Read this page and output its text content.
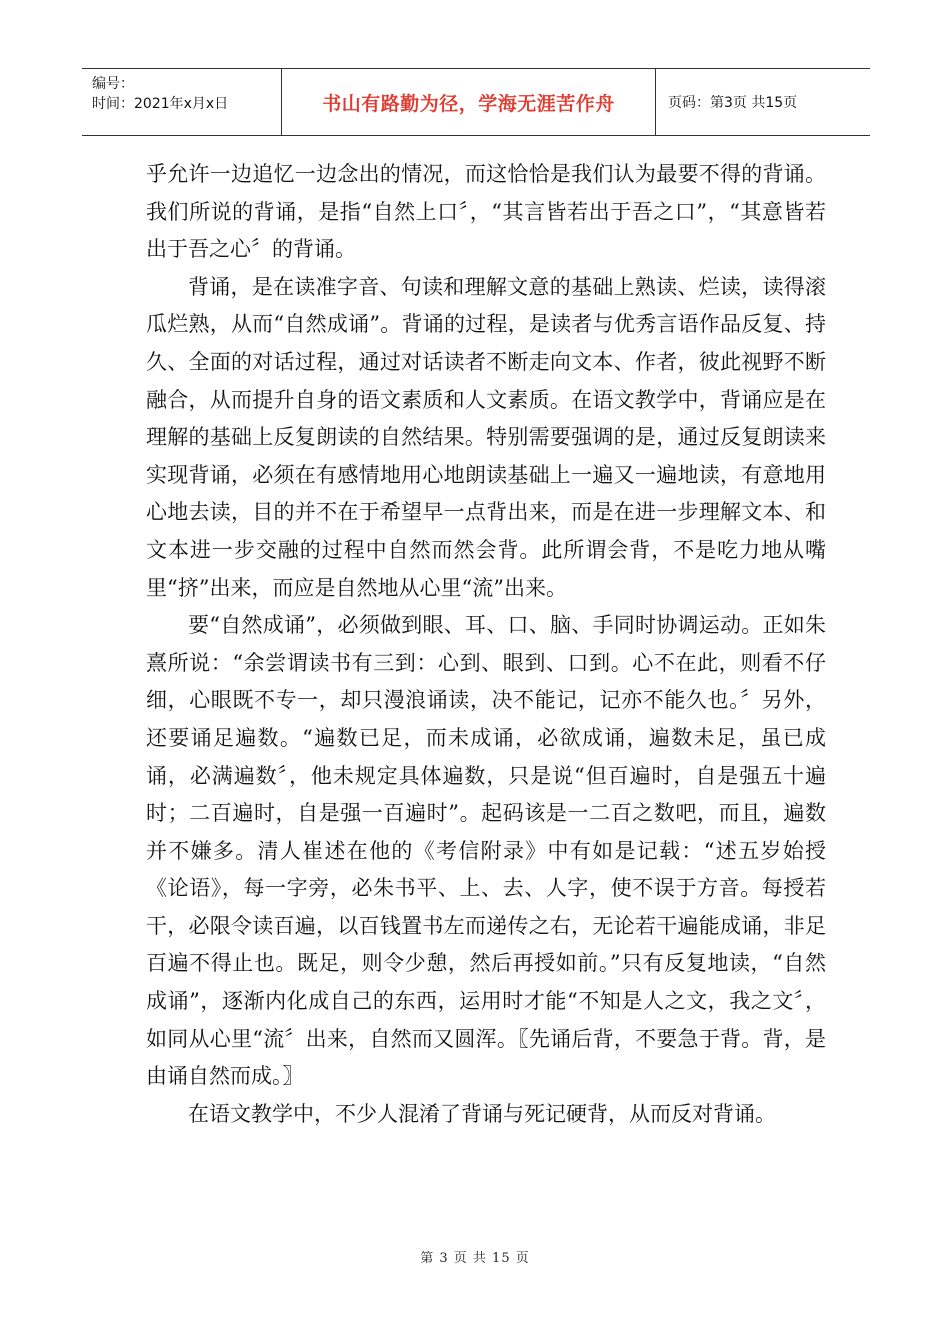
编号：
时间：2021年x月x日	书山有路勤为径，学海无涯苦作舟	页码：第3页 共15页

乎允许一边追忆一边念出的情况，而这恰恰是我们认为最要不得的背诵。我们所说的背诵，是指“自然上口〞，“其言皆若出于吾之口”，“其意皆若出于吾之心〞的背诵。

背诵，是在读准字音、句读和理解文意的基础上熟读、烂读，读得滚瓜烂熟，从而“自然成诵”。背诵的过程，是读者与优秀言语作品反复、持久、全面的对话过程，通过对话读者不断走向文本、作者，彼此视野不断融合，从而提升自身的语文素质和人文素质。在语文教学中，背诵应是在理解的基础上反复朗读的自然结果。特别需要强调的是，通过反复朗读来实现背诵，必须在有感情地用心地朗读基础上一遍又一遍地读，有意地用心地去读，目的并不在于希望早一点背出来，而是在进一步理解文本、和文本进一步交融的过程中自然而然会背。此所谓会背，不是吃力地从嘴里“挤”出来，而应是自然地从心里“流”出来。

要“自然成诵”，必须做到眼、耳、口、脑、手同时协调运动。正如朱熹所说：“余尝谓读书有三到：心到、眼到、口到。心不在此，则看不仔细，心眼既不专一，却只漫浪诵读，决不能记，记亦不能久也。〞另外，还要诵足遍数。“遍数已足，而未成诵，必欲成诵，遍数未足，虽已成诵，必满遍数〞，他未规定具体遍数，只是说“但百遍时，自是强五十遍时；二百遍时，自是强一百遍时”。起码该是一二百之数吧，而且，遍数并不嫌多。清人崔述在他的《考信附录》中有如是记载：“述五岁始授《论语》，每一字旁，必朱书平、上、去、人字，使不误于方音。每授若干，必限令读百遍，以百钱置书左而递传之右，无论若干遍能成诵，非足百遍不得止也。既足，则令少憩，然后再授如前。”只有反复地读，“自然成诵”，逐渐内化成自己的东西，运用时才能“不知是人之文，我之文〞，如同从心里“流〞出来，自然而又圆浑。〖先诵后背，不要急于背。背，是由诵自然而成。〗

在语文教学中，不少人混淆了背诵与死记硬背，从而反对背诵。

第 3 页 共 15 页
